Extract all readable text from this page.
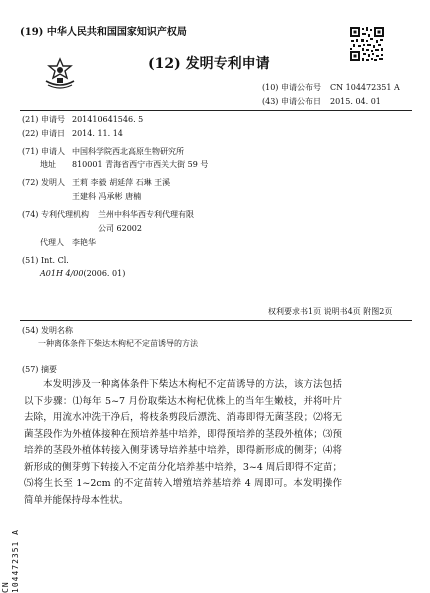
(19) 中华人民共和国国家知识产权局
(12) 发明专利申请
(10) 申请公布号 CN 104472351 A
(43) 申请公布日 2015. 04. 01
(21) 申请号 201410641546. 5
(22) 申请日 2014. 11. 14
(71) 申请人 中国科学院西北高原生物研究所
地址 810001 青海省西宁市西关大街 59 号
(72) 发明人 王莉 李毅 胡延萍 石琳 王溪
王建科 冯承彬 唐楠
(74) 专利代理机构 兰州中科华西专利代理有限
公司 62002
代理人 李艳华
(51) Int. Cl.
A01H 4/00(2006. 01)
权利要求书1页 说明书4页 附图2页
(54) 发明名称
一种离体条件下柴达木枸杞不定苗诱导的方法
(57) 摘要
本发明涉及一种离体条件下柴达木枸杞不定苗诱导的方法，该方法包括以下步骤：⑴每年 5~7 月份取柴达木枸杞优株上的当年生嫩枝，并将叶片去除，用流水冲洗干净后，将枝条剪段后漂洗、消毒即得无菌茎段；⑵将无菌茎段作为外植体接种在预培养基中培养，即得预培养的茎段外植体；⑶预培养的茎段外植体转接入侧芽诱导培养基中培养，即得新形成的侧芽；⑷将新形成的侧芽剪下转接入不定苗分化培养基中培养，3~4 周后即得不定苗；⑸将生长至 1~2cm 的不定苗转入增殖培养基培养 4 周即可。本发明操作简单并能保持母本性状。
CN 104472351 A
